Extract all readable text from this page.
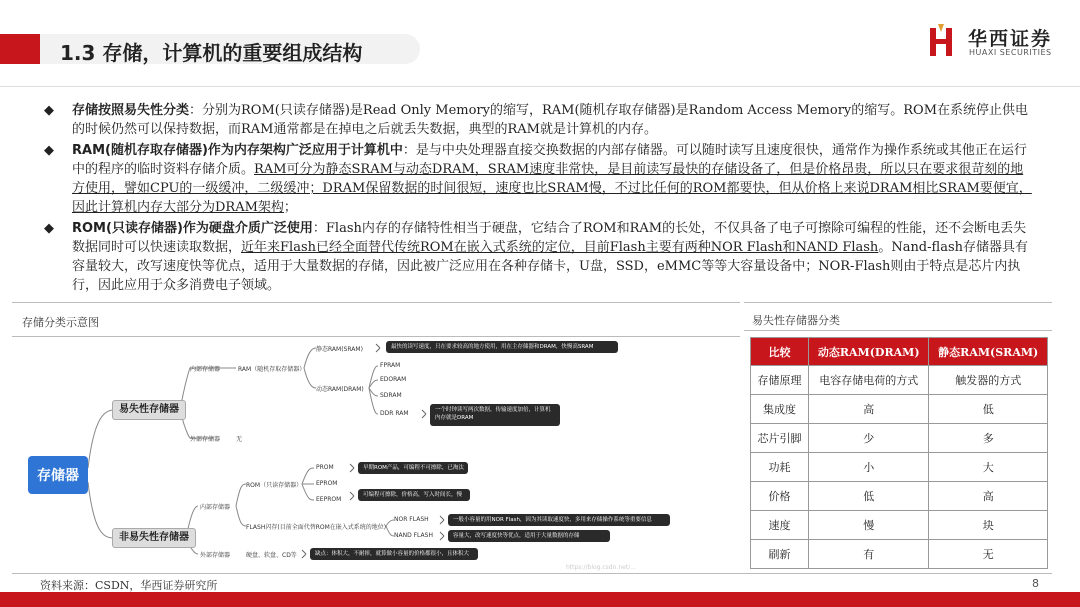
1.3 存储，计算机的重要组成结构
华西证券
HUAXI SECURITIES
◆ 存储按照易失性分类：分别为ROM(只读存储器)是Read Only Memory的缩写，RAM(随机存取存储器)是Random Access Memory的缩写。ROM在系统停止供电的时候仍然可以保持数据，而RAM通常都是在掉电之后就丢失数据，典型的RAM就是计算机的内存。
◆ RAM(随机存取存储器)作为内存架构广泛应用于计算机中：是与中央处理器直接交换数据的内部存储器。可以随时读写且速度很快，通常作为操作系统或其他正在运行中的程序的临时资料存储介质。RAM可分为静态SRAM与动态DRAM，SRAM速度非常快，是目前读写最快的存储设备了，但是价格昂贵，所以只在要求很苛刻的地方使用，譬如CPU的一级缓冲，二级缓冲；DRAM保留数据的时间很短，速度也比SRAM慢，不过比任何的ROM都要快，但从价格上来说DRAM相比SRAM要便宜，因此计算机内存大部分为DRAM架构；
◆ ROM(只读存储器)作为硬盘介质广泛使用：Flash内存的存储特性相当于硬盘，它结合了ROM和RAM的长处，不仅具备了电子可擦除可编程的性能，还不会断电丢失数据同时可以快速读取数据，近年来Flash已经全面替代传统ROM在嵌入式系统的定位，目前Flash主要有两种NOR Flash和NAND Flash。Nand-flash存储器具有容量较大，改写速度快等优点，适用于大量数据的存储，因此被广泛应用在各种存储卡，U盘，SSD，eMMC等等大容量设备中；NOR-Flash则由于特点是芯片内执行，因此应用于众多消费电子领域。
存储分类示意图	易失性存储器分类
存储器
易失性存储器
非易失性存储器
内部存储器	RAM（随机存取存储器）
静态RAM(SRAM)	最快的读写速度，只在要求较高的地方使用，用在主存储器和DRAM，快慢高SRAM
动态RAM(DRAM)
FPRAM
EDORAM
SDRAM
DDR RAM	一个时钟读写两次数据，传输速度加倍，计算机内存就是DRAM
外部存储器	无
内部存储器
ROM（只读存储器）
PROM	早期ROM产品，可编程不可擦除，已淘汰
EPROM
EEPROM
可编程可擦除，价格高，写入时间长，慢
FLASH闪存(目前全面代替ROM在嵌入式系统的地位)
NOR FLASH	一般小容量的用NOR Flash，因为其读取速度快，多用来存储操作系统等重要信息
NAND FLASH	容量大，改写速度快等优点，适用于大量数据的存储
外部存储器	硬盘、软盘、CD等	缺点：体积大，不耐摔，就算做小容量的价格都很小，且体积大
https://blog.csdn.net/...
比较	动态RAM(DRAM)	静态RAM(SRAM)
存储原理	电容存储电荷的方式	触发器的方式
集成度	高	低
芯片引脚	少	多
功耗	小	大
价格	低	高
速度	慢	块
刷新	有	无
资料来源：CSDN，华西证券研究所	8
